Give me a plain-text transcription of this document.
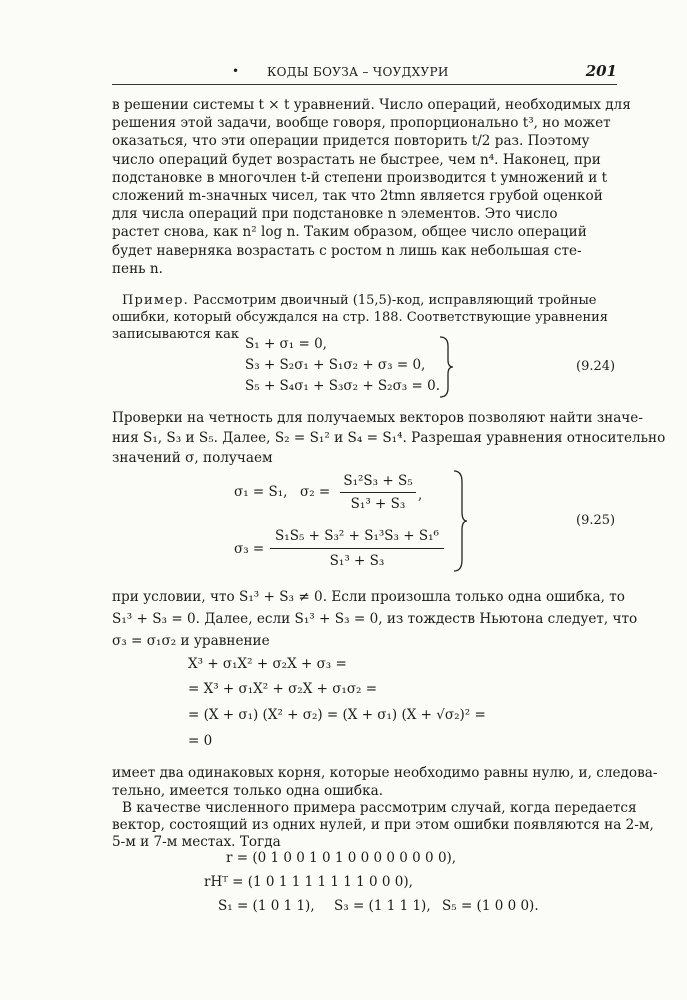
• КОДЫ БОУЗА – ЧОУДХУРИ	201
в решении системы t × t уравнений. Число операций, необходимых для
решения этой задачи, вообще говоря, пропорционально t³, но может
оказаться, что эти операции придется повторить t/2 раз. Поэтому
число операций будет возрастать не быстрее, чем n⁴. Наконец, при
подстановке в многочлен t-й степени производится t умножений и t
сложений m-значных чисел, так что 2tmn является грубой оценкой
для числа операций при подстановке n элементов. Это число
растет снова, как n² log n. Таким образом, общее число операций
будет наверняка возрастать с ростом n лишь как небольшая сте-
пень n.
Пример. Рассмотрим двоичный (15,5)-код, исправляющий тройные
ошибки, который обсуждался на стр. 188. Соответствующие уравнения
записываются как
S₁ + σ₁ = 0,
S₃ + S₂σ₁ + S₁σ₂ + σ₃ = 0,
S₅ + S₄σ₁ + S₃σ₂ + S₂σ₃ = 0.
(9.24)
Проверки на четность для получаемых векторов позволяют найти значе-
ния S₁, S₃ и S₅. Далее, S₂ = S₁² и S₄ = S₁⁴. Разрешая уравнения относительно
значений σ, получаем
σ₁ = S₁, σ₂ =
S₁²S₃ + S₅
S₁³ + S₃
,
σ₃ =
S₁S₅ + S₃² + S₁³S₃ + S₁⁶
S₁³ + S₃
(9.25)
при условии, что S₁³ + S₃ ≠ 0. Если произошла только одна ошибка, то
S₁³ + S₃ = 0. Далее, если S₁³ + S₃ = 0, из тождеств Ньютона следует, что
σ₃ = σ₁σ₂ и уравнение
X³ + σ₁X² + σ₂X + σ₃ =
= X³ + σ₁X² + σ₂X + σ₁σ₂ =
= (X + σ₁) (X² + σ₂) = (X + σ₁) (X + √σ₂)² =
= 0
имеет два одинаковых корня, которые необходимо равны нулю, и, следова-
тельно, имеется только одна ошибка.
В качестве численного примера рассмотрим случай, когда передается
вектор, состоящий из одних нулей, и при этом ошибки появляются на 2-м,
5-м и 7-м местах. Тогда
r = (0 1 0 0 1 0 1 0 0 0 0 0 0 0 0),
rHᵀ = (1 0 1 1 1 1 1 1 1 0 0 0),
S₁ = (1 0 1 1), S₃ = (1 1 1 1), S₅ = (1 0 0 0).
